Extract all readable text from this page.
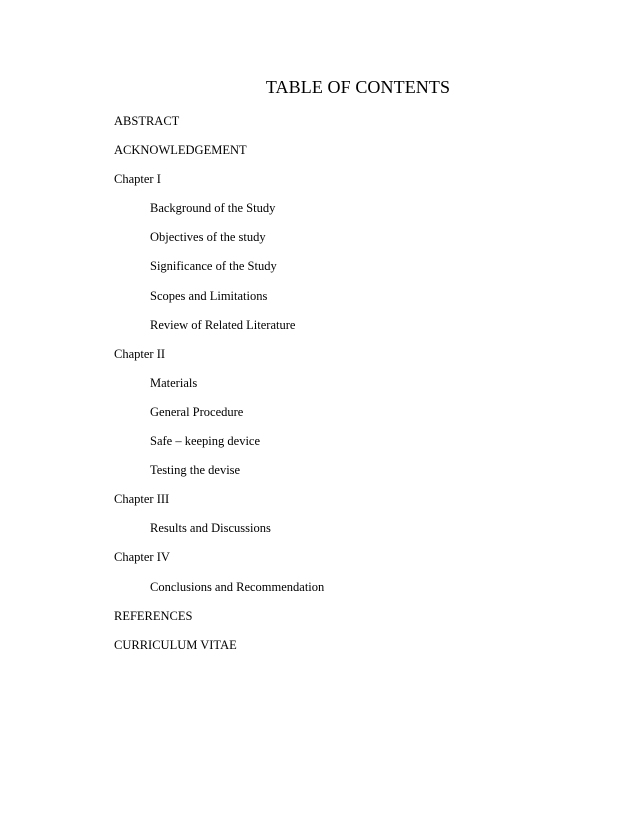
TABLE OF CONTENTS
ABSTRACT
ACKNOWLEDGEMENT
Chapter I
Background of the Study
Objectives of the study
Significance of the Study
Scopes and Limitations
Review of Related Literature
Chapter II
Materials
General Procedure
Safe – keeping device
Testing the devise
Chapter III
Results and Discussions
Chapter IV
Conclusions and Recommendation
REFERENCES
CURRICULUM VITAE
